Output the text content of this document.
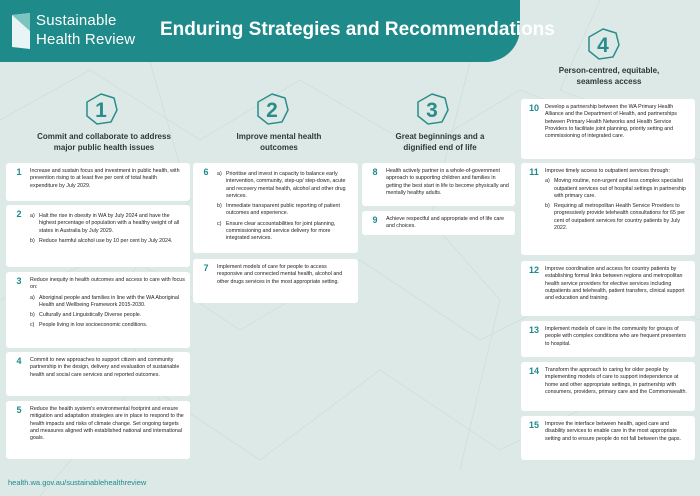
Sustainable
Health Review Enduring Strategies and Recommendations
1
Commit and collaborate to address
major public health issues
1	Increase and sustain focus and investment in public health, with prevention rising to at least five per cent of total health expenditure by July 2029.
2	a) Halt the rise in obesity in WA by July 2024 and have the highest percentage of population with a healthy weight of all states in Australia by July 2029.
b) Reduce harmful alcohol use by 10 per cent by July 2024.
3	Reduce inequity in health outcomes and access to care with focus on:
a) Aboriginal people and families in line with the WA Aboriginal Health and Wellbeing Framework 2015-2030.
b) Culturally and Linguistically Diverse people.
c) People living in low socioeconomic conditions.
4	Commit to new approaches to support citizen and community partnership in the design, delivery and evaluation of sustainable health and social care services and reported outcomes.
5	Reduce the health system's environmental footprint and ensure mitigation and adaptation strategies are in place to respond to the health impacts and risks of climate change. Set ongoing targets and measures aligned with established national and international goals.
2
Improve mental health
outcomes
6	a) Prioritise and invest in capacity to balance early intervention, community, step-up/ step-down, acute and recovery mental health, alcohol and other drug services.
b) Immediate transparent public reporting of patient outcomes and experience.
c) Ensure clear accountabilities for joint planning, commissioning and service delivery for more integrated services.
7	Implement models of care for people to access responsive and connected mental health, alcohol and other drugs services in the most appropriate setting.
3
Great beginnings and a
dignified end of life
8	Health actively partner in a whole-of-government approach to supporting children and families in getting the best start in life to become physically and mentally healthy adults.
9	Achieve respectful and appropriate end of life care and choices.
4
Person-centred, equitable,
seamless access
10	Develop a partnership between the WA Primary Health Alliance and the Department of Health, and partnerships between Primary Health Networks and Health Service Providers to facilitate joint planning, priority setting and commissioning of integrated care.
11	Improve timely access to outpatient services through:
a) Moving routine, non-urgent and less complex specialist outpatient services out of hospital settings in partnership with primary care.
b) Requiring all metropolitan Health Service Providers to progressively provide telehealth consultations for 65 per cent of outpatient services for country patients by July 2022.
12	Improve coordination and access for country patients by establishing formal links between regions and metropolitan health service providers for elective services including outpatients and telehealth, patient transfers, clinical support and education and training.
13	Implement models of care in the community for groups of people with complex conditions who are frequent presenters to hospital.
14	Transform the approach to caring for older people by implementing models of care to support independence at home and other appropriate settings, in partnership with consumers, providers, primary care and the Commonwealth.
15	Improve the interface between health, aged care and disability services to enable care in the most appropriate setting and to ensure people do not fall between the gaps.
health.wa.gov.au/sustainablehealthreview
